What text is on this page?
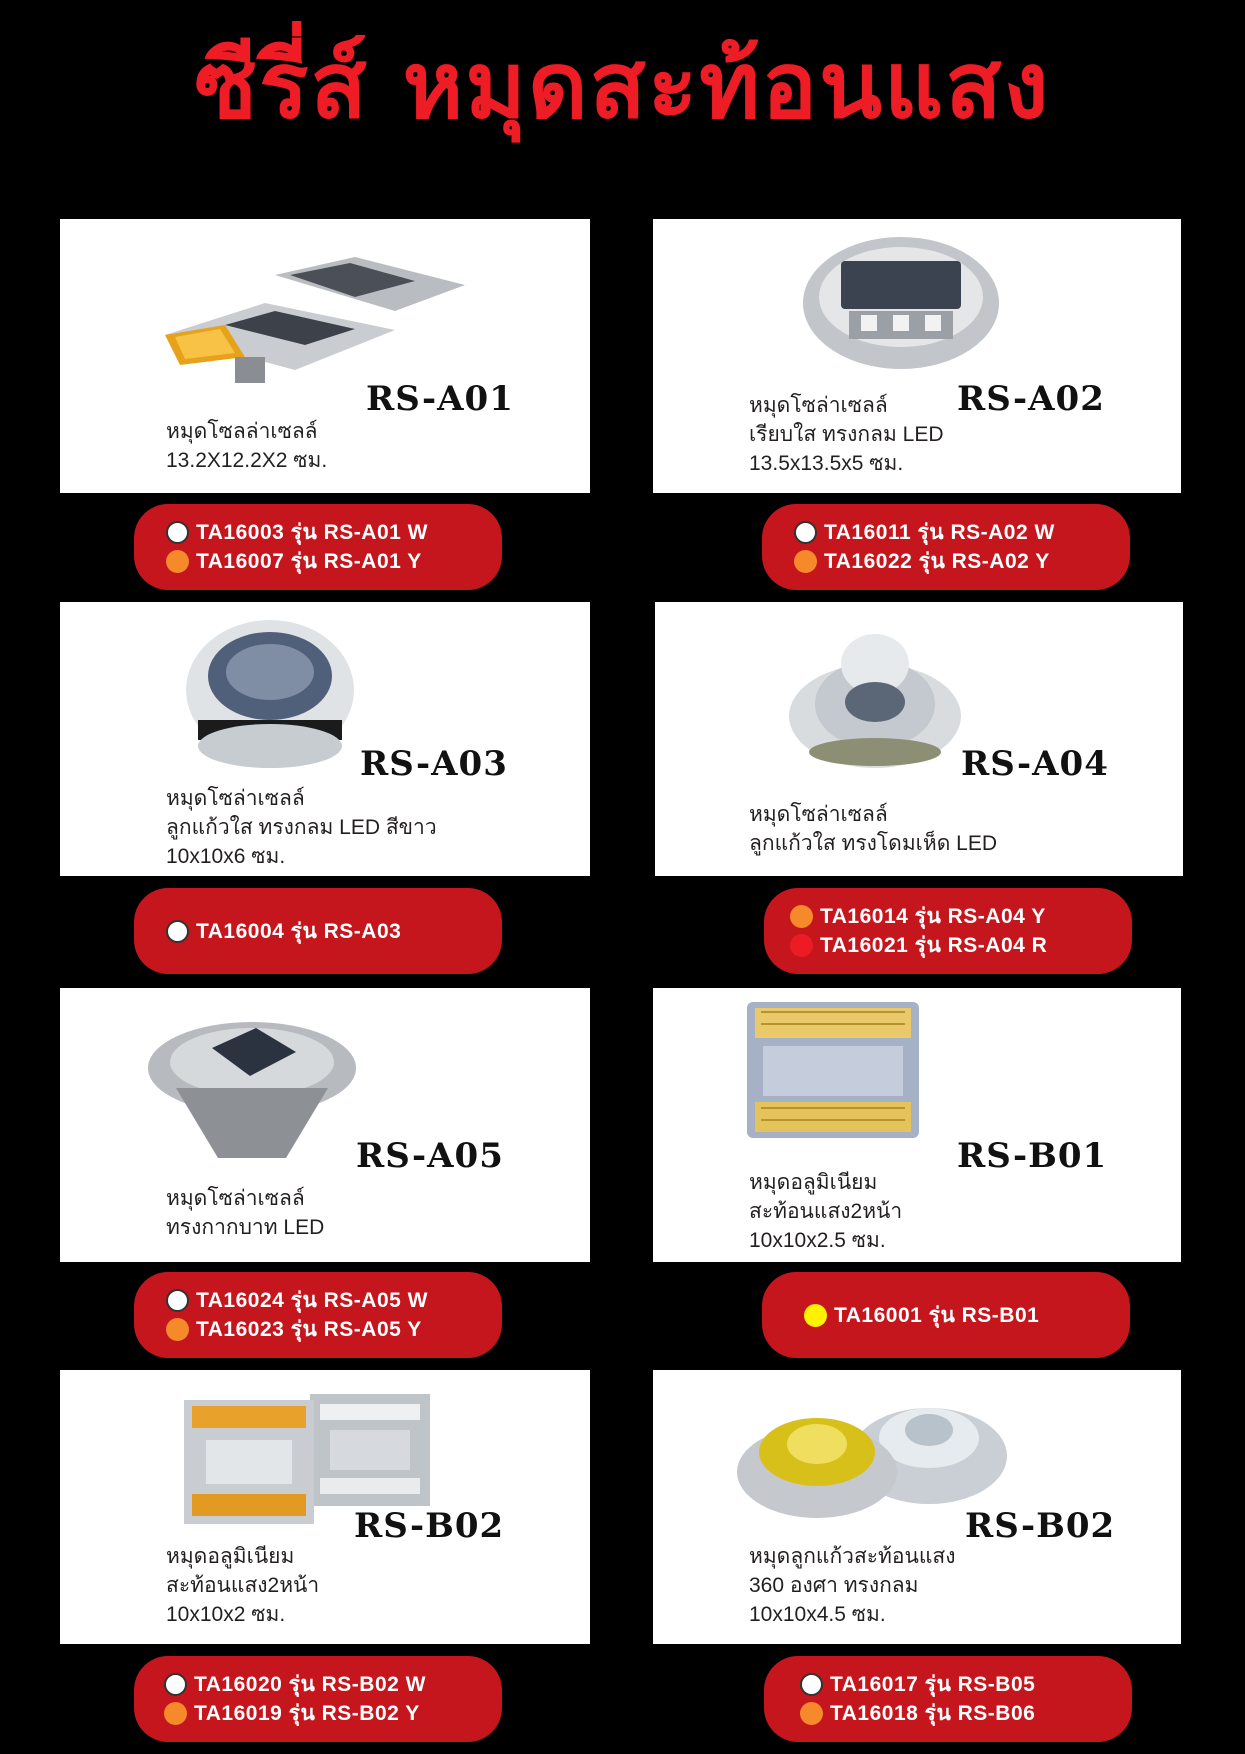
ซีรี่ส์ หมุดสะท้อนแสง
RS-A01
หมุดโซลล่าเซลล์
13.2X12.2X2 ซม.
TA16003 รุ่น RS-A01 W
TA16007 รุ่น RS-A01 Y
RS-A02
หมุดโซล่าเซลล์
เรียบใส ทรงกลม LED
13.5x13.5x5 ซม.
TA16011 รุ่น RS-A02 W
TA16022 รุ่น RS-A02 Y
RS-A03
หมุดโซล่าเซลล์
ลูกแก้วใส ทรงกลม LED สีขาว
10x10x6 ซม.
TA16004 รุ่น RS-A03
RS-A04
หมุดโซล่าเซลล์
ลูกแก้วใส ทรงโดมเห็ด LED
TA16014 รุ่น RS-A04 Y
TA16021 รุ่น RS-A04 R
RS-A05
หมุดโซล่าเซลล์
ทรงกากบาท LED
TA16024 รุ่น RS-A05 W
TA16023 รุ่น RS-A05 Y
RS-B01
หมุดอลูมิเนียม
สะท้อนแสง2หน้า
10x10x2.5 ซม.
TA16001 รุ่น RS-B01
RS-B02
หมุดอลูมิเนียม
สะท้อนแสง2หน้า
10x10x2 ซม.
TA16020 รุ่น RS-B02 W
TA16019 รุ่น RS-B02 Y
RS-B02
หมุดลูกแก้วสะท้อนแสง
360 องศา ทรงกลม
10x10x4.5 ซม.
TA16017 รุ่น RS-B05
TA16018 รุ่น RS-B06
